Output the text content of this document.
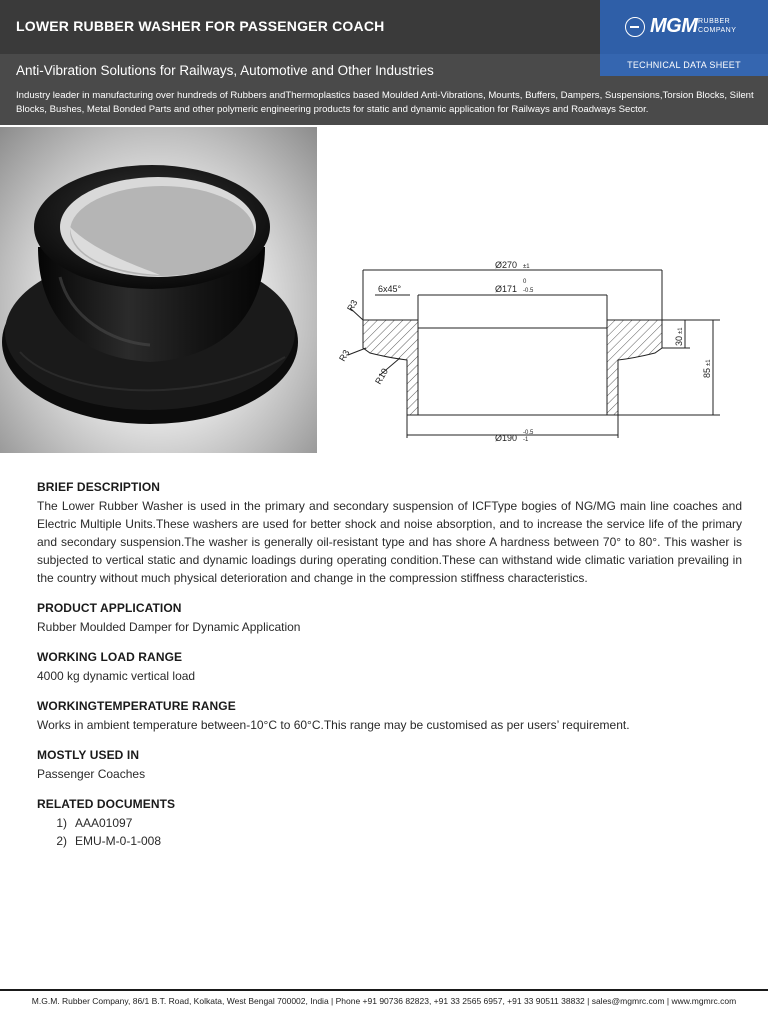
LOWER RUBBER WASHER FOR PASSENGER COACH	MGM RUBBER COMPANY
TECHNICAL DATA SHEET
Anti-Vibration Solutions for Railways, Automotive and Other Industries
Industry leader in manufacturing over hundreds of Rubbers andThermoplastics based Moulded Anti-Vibrations, Mounts, Buffers, Dampers, Suspensions,Torsion Blocks, Silent Blocks, Bushes, Metal Bonded Parts and other polymeric engineering products for static and dynamic application for Railways and Roadways Sector.
Ø270 ±1
6x45°	Ø171
0
-0.5
Ø190 -0.5
-1
R3
R3
R10
30
±1
85
±1
BRIEF DESCRIPTION

The Lower Rubber Washer is used in the primary and secondary suspension of ICFType bogies of NG/MG main line coaches and Electric Multiple Units.These washers are used for better shock and noise absorption, and to increase the service life of the primary and secondary suspension.The washer is generally oil-resistant type and has shore A hardness between 70° to 80°. This washer is subjected to vertical static and dynamic loadings during operating condition.These can withstand wide climatic variation prevailing in the country without much physical deterioration and change in the compression stiffness characteristics.

PRODUCT APPLICATION

Rubber Moulded Damper for Dynamic Application

WORKING LOAD RANGE

4000 kg dynamic vertical load

WORKINGTEMPERATURE RANGE

Works in ambient temperature between-10°C to 60°C.This range may be customised as per users’ requirement.

MOSTLY USED IN

Passenger Coaches

RELATED DOCUMENTS
1) AAA01097
2) EMU-M-0-1-008
M.G.M. Rubber Company, 86/1 B.T. Road, Kolkata, West Bengal 700002, India | Phone +91 90736 82823, +91 33 2565 6957, +91 33 90511 38832 | sales@mgmrc.com | www.mgmrc.com
